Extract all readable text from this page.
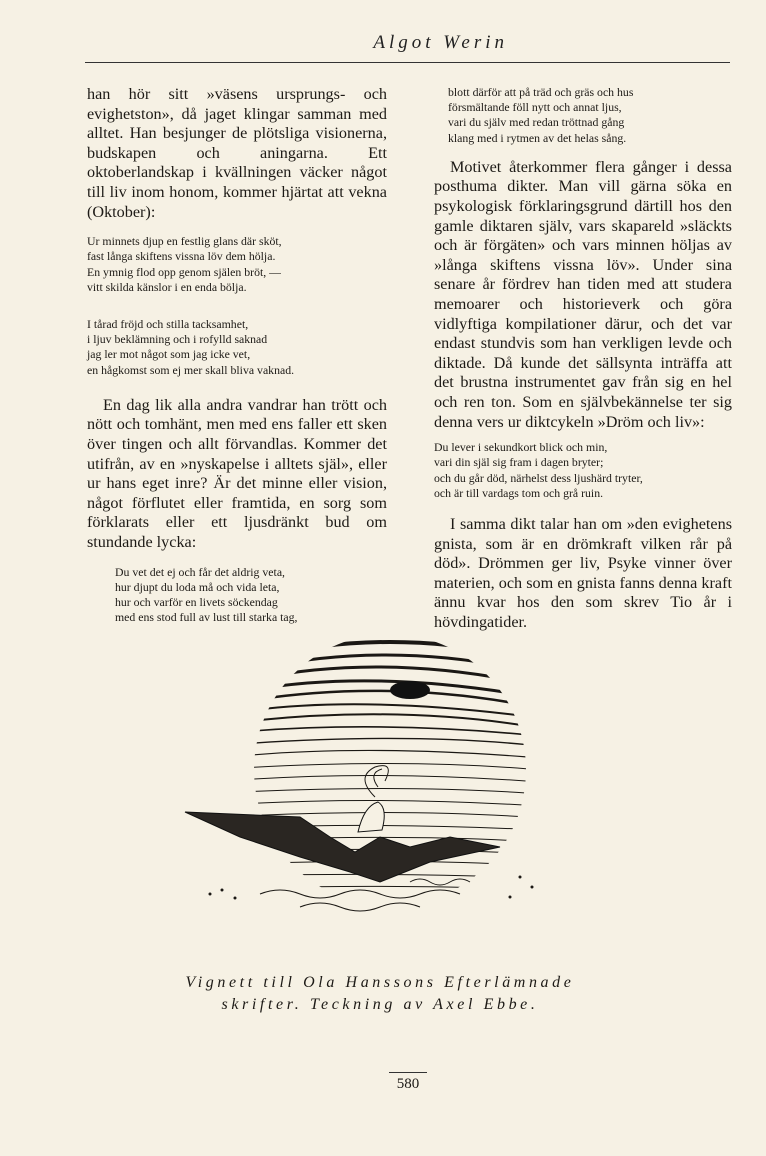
Algot Werin

han hör sitt »väsens ursprungs- och evighetston», då jaget klingar samman med alltet. Han besjunger de plötsliga visionerna, budskapen och aningarna. Ett oktoberlandskap i kvällningen väcker något till liv inom honom, kommer hjärtat att vekna (Oktober):

Ur minnets djup en festlig glans där sköt,
fast långa skiftens vissna löv dem hölja.
En ymnig flod opp genom själen bröt, —
vitt skilda känslor i en enda bölja.
I tårad fröjd och stilla tacksamhet,
i ljuv beklämning och i rofylld saknad
jag ler mot något som jag icke vet,
en hågkomst som ej mer skall bliva vaknad.

En dag lik alla andra vandrar han trött och nött och tomhänt, men med ens faller ett sken över tingen och allt förvandlas. Kommer det utifrån, av en »nyskapelse i alltets själ», eller ur hans eget inre? Är det minne eller vision, något förflutet eller framtida, en sorg som förklarats eller ett ljusdränkt bud om stundande lycka:

Du vet det ej och får det aldrig veta,
hur djupt du loda må och vida leta,
hur och varför en livets söckendag
med ens stod full av lust till starka tag,
blott därför att på träd och gräs och hus
försmältande föll nytt och annat ljus,
vari du själv med redan tröttnad gång
klang med i rytmen av det helas sång.

Motivet återkommer flera gånger i dessa posthuma dikter. Man vill gärna söka en psykologisk förklaringsgrund därtill hos den gamle diktaren själv, vars skapareld »släckts och är förgäten» och vars minnen höljas av »långa skiftens vissna löv». Under sina senare år fördrev han tiden med att studera memoarer och historieverk och göra vidlyftiga kompilationer därur, och det var endast stundvis som han verkligen levde och diktade. Då kunde det sällsynta inträffa att det brustna instrumentet gav från sig en hel och ren ton. Som en självbekännelse ter sig denna vers ur diktcykeln »Dröm och liv»:

Du lever i sekundkort blick och min,
vari din själ sig fram i dagen bryter;
och du går död, närhelst dess ljushärd tryter,
och är till vardags tom och grå ruin.

I samma dikt talar han om »den evighetens gnista, som är en drömkraft vilken rår på död». Drömmen ger liv, Psyke vinner över materien, och som en gnista fanns denna kraft ännu kvar hos den som skrev Tio år i hövdingatider.

Vignett till Ola Hanssons Efterlämnade
skrifter. Teckning av Axel Ebbe.
580
